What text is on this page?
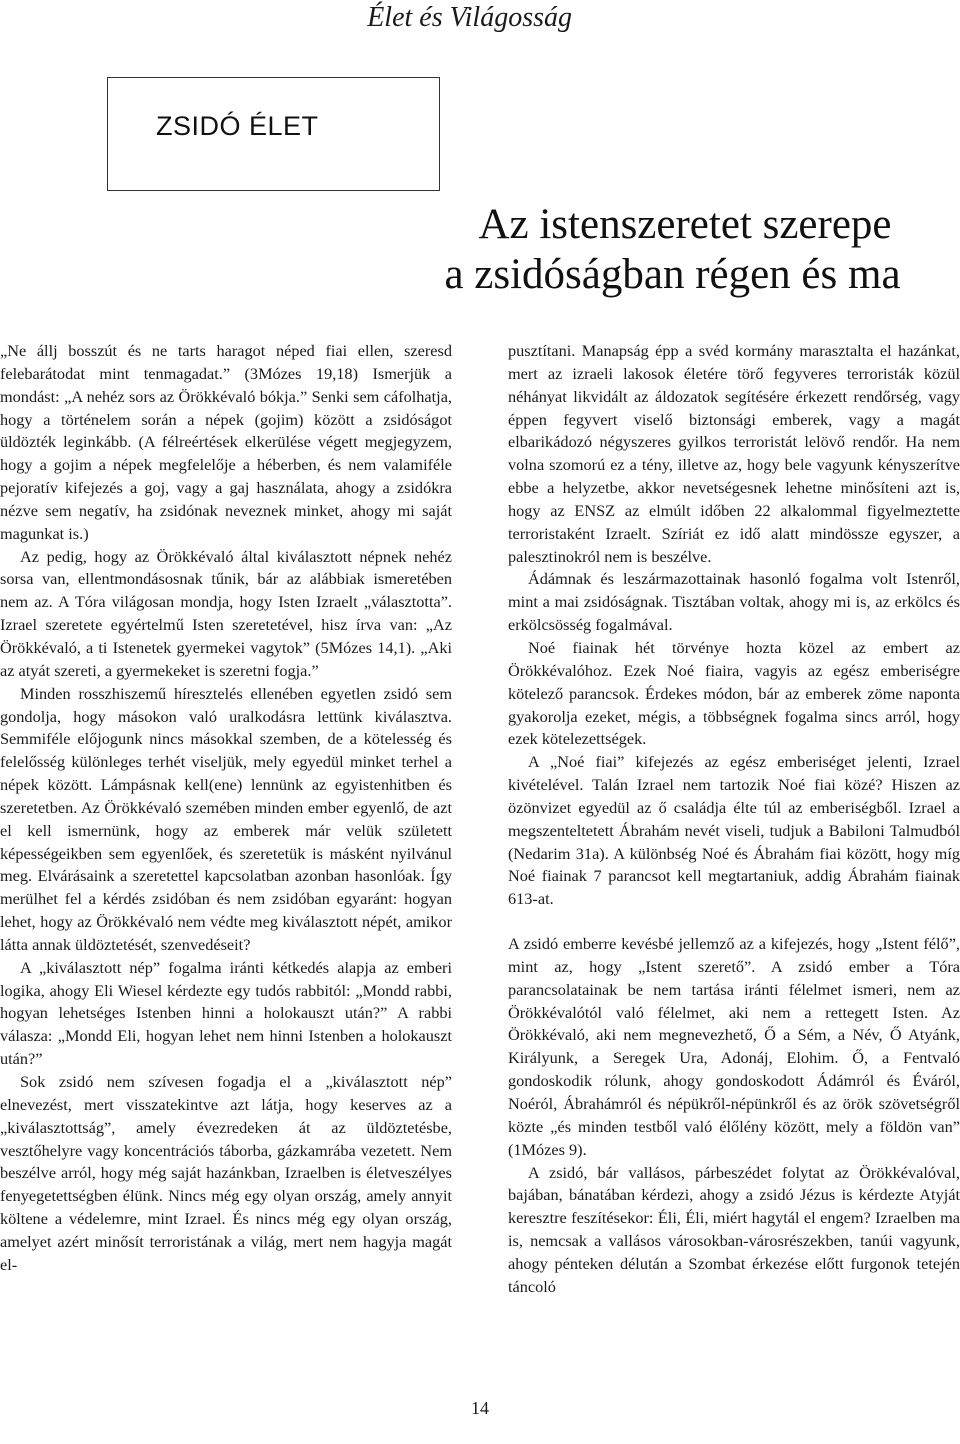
Élet és Világosság
ZSIDÓ ÉLET
Az istenszeretet szerepe
a zsidóságban régen és ma

„Ne állj bosszút és ne tarts haragot néped fiai ellen, szeresd felebarátodat mint tenmagadat.” (3Mózes 19,18) Ismerjük a mondást: „A nehéz sors az Örökkévaló bókja.” Senki sem cáfolhatja, hogy a történelem során a népek (gojim) között a zsidóságot üldözték leginkább. (A félreértések elkerülése végett megjegyzem, hogy a gojim a népek megfelelője a héberben, és nem valamiféle pejoratív kifejezés a goj, vagy a gaj használata, ahogy a zsidókra nézve sem negatív, ha zsidónak neveznek minket, ahogy mi saját magunkat is.)

Az pedig, hogy az Örökkévaló által kiválasztott népnek nehéz sorsa van, ellentmondásosnak tűnik, bár az alábbiak ismeretében nem az. A Tóra világosan mondja, hogy Isten Izraelt „választotta”. Izrael szeretete egyértelmű Isten szeretetével, hisz írva van: „Az Örökkévaló, a ti Istenetek gyermekei vagytok” (5Mózes 14,1). „Aki az atyát szereti, a gyermekeket is szeretni fogja.”

Minden rosszhiszemű híresztelés ellenében egyetlen zsidó sem gondolja, hogy másokon való uralkodásra lettünk kiválasztva. Semmiféle előjogunk nincs másokkal szemben, de a kötelesség és felelősség különleges terhét viseljük, mely egyedül minket terhel a népek között. Lámpásnak kell(ene) lennünk az egyistenhitben és szeretetben. Az Örökkévaló szemében minden ember egyenlő, de azt el kell ismernünk, hogy az emberek már velük született képességeikben sem egyenlőek, és szeretetük is másként nyilvánul meg. Elvárásaink a szeretettel kapcsolatban azonban hasonlóak. Így merülhet fel a kérdés zsidóban és nem zsidóban egyaránt: hogyan lehet, hogy az Örökkévaló nem védte meg kiválasztott népét, amikor látta annak üldöztetését, szenvedéseit?

A „kiválasztott nép” fogalma iránti kétkedés alapja az emberi logika, ahogy Eli Wiesel kérdezte egy tudós rabbitól: „Mondd rabbi, hogyan lehetséges Istenben hinni a holokauszt után?” A rabbi válasza: „Mondd Eli, hogyan lehet nem hinni Istenben a holokauszt után?”

Sok zsidó nem szívesen fogadja el a „kiválasztott nép” elnevezést, mert visszatekintve azt látja, hogy keserves az a „kiválasztottság”, amely évezredeken át az üldöztetésbe, vesztőhelyre vagy koncentrációs táborba, gázkamrába vezetett. Nem beszélve arról, hogy még saját hazánkban, Izraelben is életveszélyes fenyegetettségben élünk. Nincs még egy olyan ország, amely annyit költene a védelemre, mint Izrael. És nincs még egy olyan ország, amelyet azért minősít terroristának a világ, mert nem hagyja magát el-

pusztítani. Manapság épp a svéd kormány marasztalta el hazánkat, mert az izraeli lakosok életére törő fegyveres terroristák közül néhányat likvidált az áldozatok segítésére érkezett rendőrség, vagy éppen fegyvert viselő biztonsági emberek, vagy a magát elbarikádozó négyszeres gyilkos terroristát lelövő rendőr. Ha nem volna szomorú ez a tény, illetve az, hogy bele vagyunk kényszerítve ebbe a helyzetbe, akkor nevetségesnek lehetne minősíteni azt is, hogy az ENSZ az elmúlt időben 22 alkalommal figyelmeztette terroristaként Izraelt. Szíriát ez idő alatt mindössze egyszer, a palesztinokról nem is beszélve.

Ádámnak és leszármazottainak hasonló fogalma volt Istenről, mint a mai zsidóságnak. Tisztában voltak, ahogy mi is, az erkölcs és erkölcsösség fogalmával.

Noé fiainak hét törvénye hozta közel az embert az Örökkévalóhoz. Ezek Noé fiaira, vagyis az egész emberiségre kötelező parancsok. Érdekes módon, bár az emberek zöme naponta gyakorolja ezeket, mégis, a többségnek fogalma sincs arról, hogy ezek kötelezettségek.

A „Noé fiai” kifejezés az egész emberiséget jelenti, Izrael kivételével. Talán Izrael nem tartozik Noé fiai közé? Hiszen az özönvizet egyedül az ő családja élte túl az emberiségből. Izrael a megszenteltetett Ábrahám nevét viseli, tudjuk a Babiloni Talmudból (Nedarim 31a). A különbség Noé és Ábrahám fiai között, hogy míg Noé fiainak 7 parancsot kell megtartaniuk, addig Ábrahám fiainak 613-at.

A zsidó emberre kevésbé jellemző az a kifejezés, hogy „Istent félő”, mint az, hogy „Istent szerető”. A zsidó ember a Tóra parancsolatainak be nem tartása iránti félelmet ismeri, nem az Örökkévalótól való félelmet, aki nem a rettegett Isten. Az Örökkévaló, aki nem megnevezhető, Ő a Sém, a Név, Ő Atyánk, Királyunk, a Seregek Ura, Adonáj, Elohim. Ő, a Fentvaló gondoskodik rólunk, ahogy gondoskodott Ádámról és Éváról, Noéról, Ábrahámról és népükről-népünkről és az örök szövetségről közte „és minden testből való élőlény között, mely a földön van” (1Mózes 9).

A zsidó, bár vallásos, párbeszédet folytat az Örökkévalóval, bajában, bánatában kérdezi, ahogy a zsidó Jézus is kérdezte Atyját keresztre feszítésekor: Éli, Éli, miért hagytál el engem? Izraelben ma is, nemcsak a vallásos városokban-városrészekben, tanúi vagyunk, ahogy pénteken délután a Szombat érkezése előtt furgonok tetején táncoló

14
